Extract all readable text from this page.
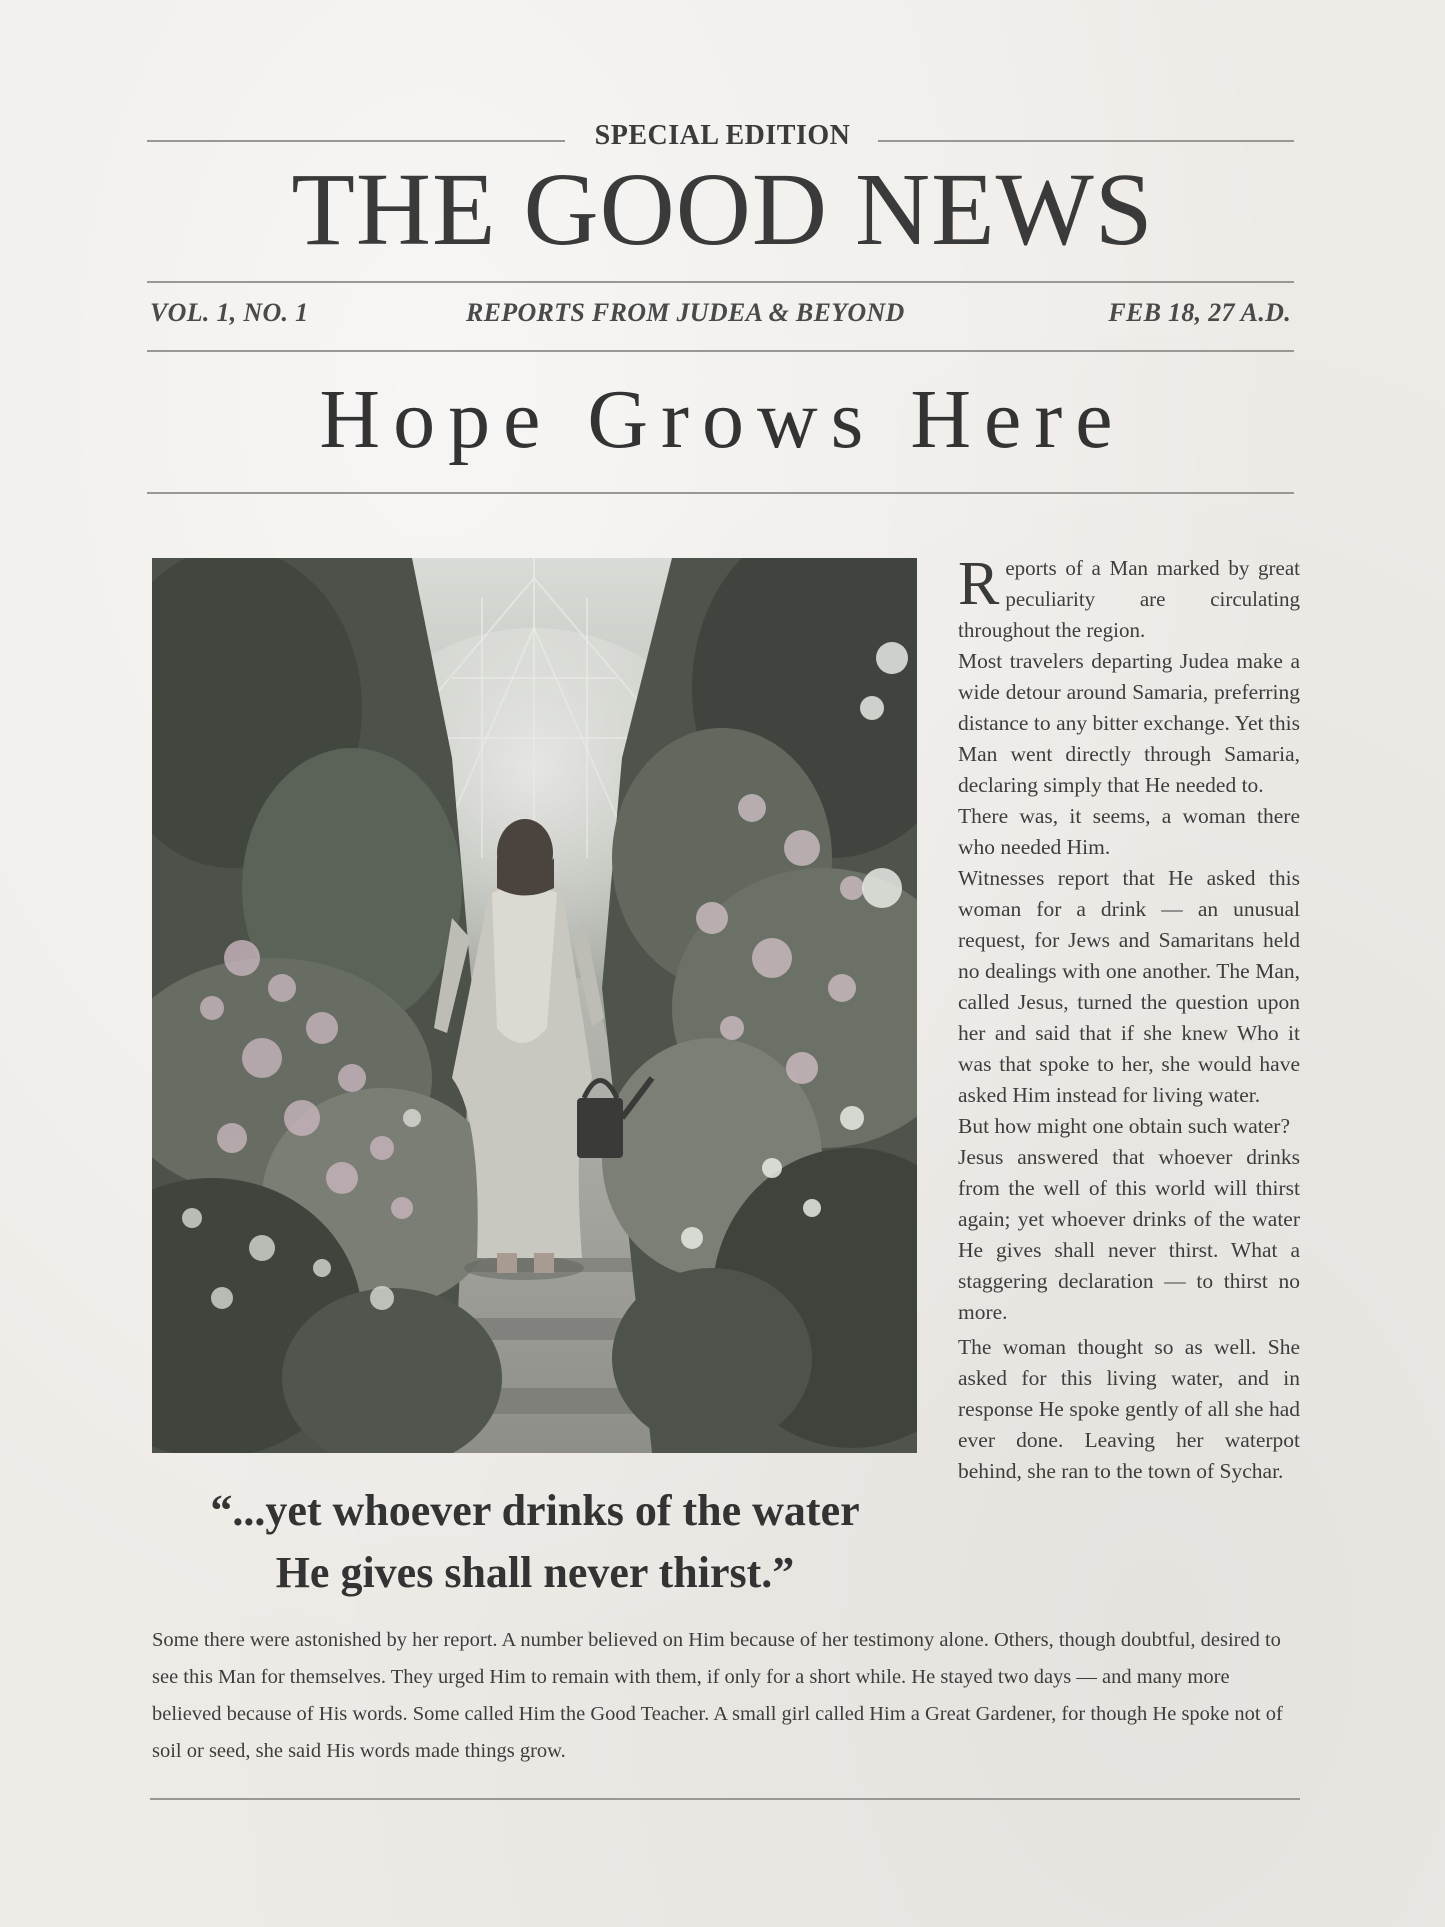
SPECIAL EDITION
THE GOOD NEWS
VOL. 1, NO. 1	REPORTS FROM JUDEA & BEYOND	FEB 18, 27 A.D.
Hope Grows Here
“...yet whoever drinks of the water
He gives shall never thirst.”

Reports of a Man marked by great peculiarity are circulating throughout the region.

Most travelers departing Judea make a wide detour around Samaria, preferring distance to any bitter exchange. Yet this Man went directly through Samaria, declaring simply that He needed to.

There was, it seems, a woman there who needed Him.

Witnesses report that He asked this woman for a drink — an unusual request, for Jews and Samaritans held no dealings with one another. The Man, called Jesus, turned the question upon her and said that if she knew Who it was that spoke to her, she would have asked Him instead for living water.

But how might one obtain such water?

Jesus answered that whoever drinks from the well of this world will thirst again; yet whoever drinks of the water He gives shall never thirst. What a staggering declaration — to thirst no more.

The woman thought so as well. She asked for this living water, and in response He spoke gently of all she had ever done. Leaving her waterpot behind, she ran to the town of Sychar.

Some there were astonished by her report. A number believed on Him because of her testimony alone. Others, though doubtful, desired to see this Man for themselves. They urged Him to remain with them, if only for a short while. He stayed two days — and many more believed because of His words. Some called Him the Good Teacher. A small girl called Him a Great Gardener, for though He spoke not of soil or seed, she said His words made things grow.
